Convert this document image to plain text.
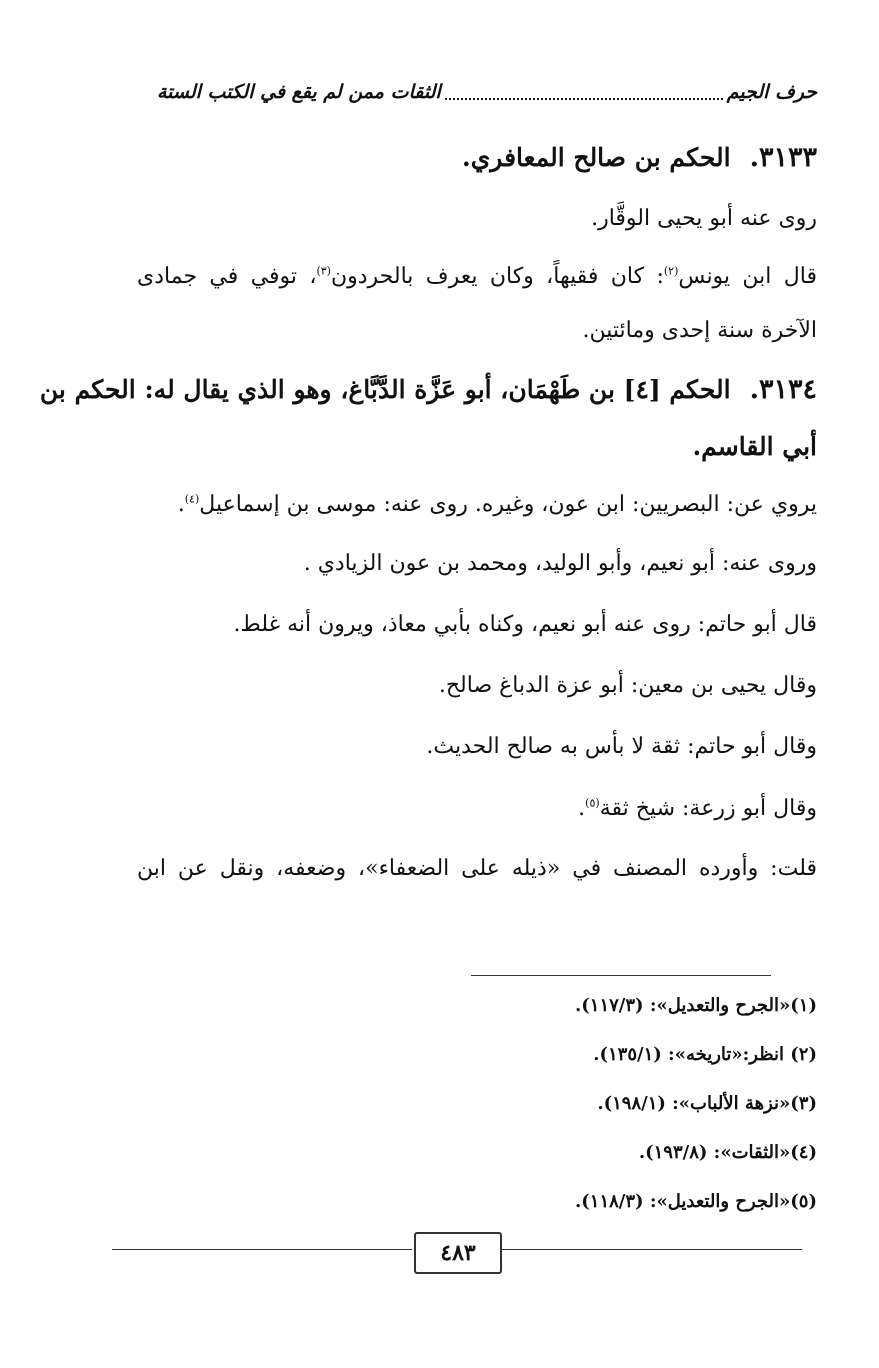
حرف الجيم
الثقات ممن لم يقع في الكتب الستة
٣١٣٣. الحكم بن صالح المعافري.
روى عنه أبو يحيى الوقَّار.
قال ابن يونس$^{(٢)}$: كان فقيهاً، وكان يعرف بالحردون$^{(٣)}$، توفي في جمادى
الآخرة سنة إحدى ومائتين.
٣١٣٤. الحكم [٤] بن طَهْمَان، أبو عَزَّة الدَّبَّاغ، وهو الذي يقال له: الحكم بن
أبي القاسم.
يروي عن: البصريين: ابن عون، وغيره. روى عنه: موسى بن إسماعيل$^{(٤)}$.
وروى عنه: أبو نعيم، وأبو الوليد، ومحمد بن عون الزيادي .
قال أبو حاتم: روى عنه أبو نعيم، وكناه بأبي معاذ، ويرون أنه غلط.
وقال يحيى بن معين: أبو عزة الدباغ صالح.
وقال أبو حاتم: ثقة لا بأس به صالح الحديث.
وقال أبو زرعة: شيخ ثقة$^{(٥)}$.
قلت: وأورده المصنف في «ذيله على الضعفاء»، وضعفه، ونقل عن ابن
(١)«الجرح والتعديل»: (١١٧/٣).
(٢) انظر:«تاريخه»: (١٣٥/١).
(٣)«نزهة الألباب»: (١٩٨/١).
(٤)«الثقات»: (١٩٣/٨).
(٥)«الجرح والتعديل»: (١١٨/٣).
٤٨٣
